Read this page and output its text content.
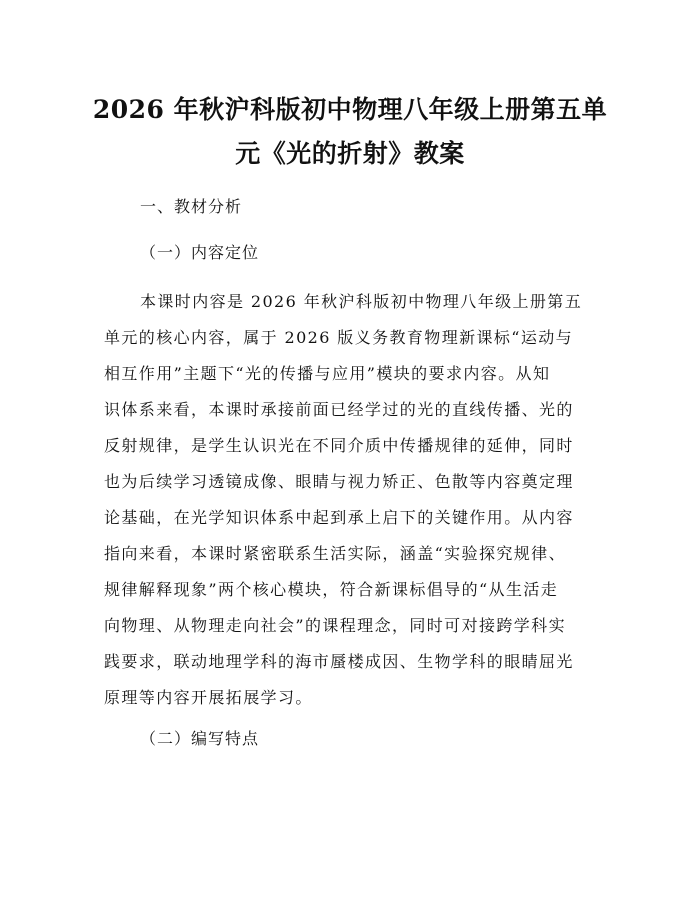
2026 年秋沪科版初中物理八年级上册第五单
元《光的折射》教案

一、教材分析

（一）内容定位

本课时内容是 2026 年秋沪科版初中物理八年级上册第五
单元的核心内容，属于 2026 版义务教育物理新课标“运动与
相互作用”主题下“光的传播与应用”模块的要求内容。从知
识体系来看，本课时承接前面已经学过的光的直线传播、光的
反射规律，是学生认识光在不同介质中传播规律的延伸，同时
也为后续学习透镜成像、眼睛与视力矫正、色散等内容奠定理
论基础，在光学知识体系中起到承上启下的关键作用。从内容
指向来看，本课时紧密联系生活实际，涵盖“实验探究规律、
规律解释现象”两个核心模块，符合新课标倡导的“从生活走
向物理、从物理走向社会”的课程理念，同时可对接跨学科实
践要求，联动地理学科的海市蜃楼成因、生物学科的眼睛屈光
原理等内容开展拓展学习。

（二）编写特点
